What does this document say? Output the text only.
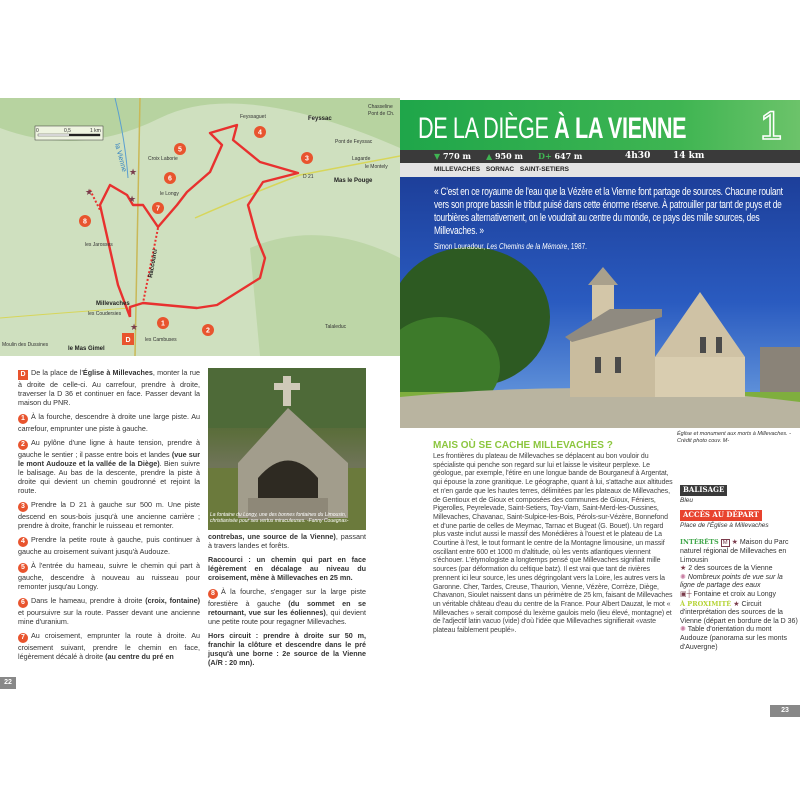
0	0,5	1 km
Feyssaguet	Feyssac
Chasseline
Pont de Ch.
Pont de Feyssac
Lagarde
le Montely
Mas le Pouge
D 21
Croix Laborie
la Vienne
le Longy
Raccourci
Millevaches
les Coudersies
les Jarosses
les Cambuses
Talaleduc
le Mas Gimel
Moulin des Dussines
1
2
3
4
5
6
7
8
D
★
★
★
★
DE LA DIÈGE À LA VIENNE 1
▼ 770 m ▲ 950 m D+ 647 m	4h30	14 km
MILLEVACHES SORNAC SAINT-SETIERS
« C'est en ce royaume de l'eau que la Vézère et la Vienne font partage de sources. Chacune roulant vers son propre bassin le tribut puisé dans cette énorme réserve. À patrouiller par tant de puys et de tourbières alternativement, on le voudrait au centre du monde, ce pays des mille sources, des Millevaches. »
Simon Louradour, Les Chemins de la Mémoire, 1987.
Église et monument aux morts à Millevaches. -Crédit photo couv. M-

D De la place de l'Église à Millevaches, monter la rue à droite de celle-ci. Au carrefour, prendre à droite, traverser la D 36 et continuer en face. Passer devant la maison du PNR.

1 À la fourche, descendre à droite une large piste. Au carrefour, emprunter une piste à gauche.

2 Au pylône d'une ligne à haute tension, prendre à gauche le sentier ; il passe entre bois et landes (vue sur le mont Audouze et la vallée de la Diège). Bien suivre le balisage. Au bas de la descente, prendre la piste à droite qui devient un chemin goudronné et rejoint la route.

3 Prendre la D 21 à gauche sur 500 m. Une piste descend en sous-bois jusqu'à une ancienne carrière ; prendre à droite, franchir le ruisseau et remonter.

4 Prendre la petite route à gauche, puis continuer à gauche au croisement suivant jusqu'à Audouze.

5 À l'entrée du hameau, suivre le chemin qui part à gauche, descendre à nouveau au ruisseau pour remonter jusqu'au Longy.

6 Dans le hameau, prendre à droite (croix, fontaine) et poursuivre sur la route. Passer devant une ancienne mine d'uranium.

7 Au croisement, emprunter la route à droite. Au croisement suivant, prendre le chemin en face, légèrement décalé à droite (au centre du pré en

La fontaine du Longy, une des bonnes fontaines du Limousin, christianisée pour ses vertus miraculeuses. -Fanny Couegnas-

contrebas, une source de la Vienne), passant à travers landes et forêts.

Raccourci : un chemin qui part en face légèrement en décalage au niveau du croisement, mène à Millevaches en 25 mn.

8 À la fourche, s'engager sur la large piste forestière à gauche (du sommet en se retournant, vue sur les éoliennes), qui devient une petite route pour regagner Millevaches.

Hors circuit : prendre à droite sur 50 m, franchir la clôture et descendre dans le pré jusqu'à une borne : 2e source de la Vienne (A/R : 20 mn).

MAIS OÙ SE CACHE MILLEVACHES ?

Les frontières du plateau de Millevaches se déplacent au bon vouloir du spécialiste qui penche son regard sur lui et laisse le visiteur perplexe. Le géologue, par exemple, l'étire en une longue bande de Bourganeuf à Argentat, qui épouse la zone granitique. Le géographe, quant à lui, s'attache aux altitudes et n'en garde que les hautes terres, délimitées par les plateaux de Millevaches, de Gentioux et de Gioux et composées des communes de Gioux, Féniers, Pigerolles, Peyrelevade, Saint-Setiers, Toy-Viam, Saint-Merd-les-Oussines, Millevaches, Chavanac, Saint-Sulpice-les-Bois, Pérols-sur-Vézère, Bonnefond et d'une partie de celles de Meymac, Tarnac et Bugeat (G. Bouet). Un regard plus vaste inclut aussi le massif des Monédières à l'ouest et le plateau de La Courtine à l'est, le tout formant le centre de la Montagne limousine, un massif oscillant entre 600 et 1000 m d'altitude, où les vents atlantiques viennent s'échouer. L'étymologiste a longtemps pensé que Millevaches signifiait mille sources (par déformation du celtique batz). Il est vrai que tant de rivières prennent ici leur source, les unes dégringolant vers la Loire, les autres vers la Garonne. Cher, Tardes, Creuse, Thaurion, Vienne, Vézère, Corrèze, Diège, Chavanon, Sioulet naissent dans un périmètre de 25 km, faisant de Millevaches un véritable château d'eau du centre de la France. Pour Albert Dauzat, le mot « Millevaches » serait composé du lexème gaulois melo (lieu élevé, montagne) et de l'adjectif latin vacuo (vide) d'où l'idée que Millevaches signifierait «vaste plateau faiblement peuplé».

BALISAGE
Bleu
ACCÈS AU DÉPART
Place de l'Église à Millevaches
INTÉRÊTS M ★ Maison du Parc naturel régional de Millevaches en Limousin
★ 2 des sources de la Vienne
✺ Nombreux points de vue sur la ligne de partage des eaux
▣┼ Fontaine et croix au Longy
À PROXIMITÉ ★ Circuit d'interprétation des sources de la Vienne (départ en bordure de la D 36) ✺ Table d'orientation du mont Audouze (panorama sur les monts d'Auvergne)
22
23
